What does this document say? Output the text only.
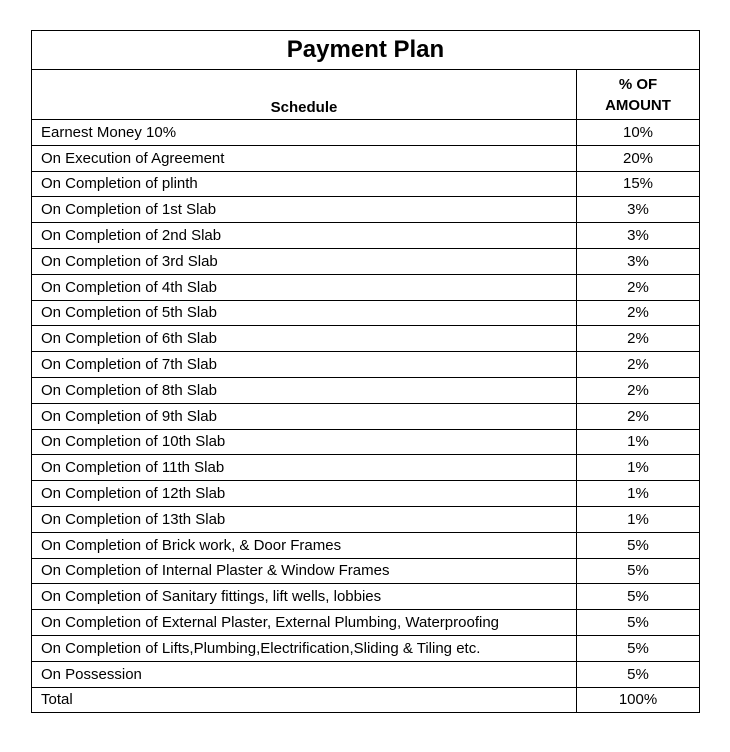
Payment Plan	
Schedule	% OF
AMOUNT

Earnest Money 10%	10%
On Execution of Agreement	20%
On Completion of plinth	15%
On Completion of 1st Slab	3%
On Completion of 2nd Slab	3%
On Completion of 3rd Slab	3%
On Completion of 4th Slab	2%
On Completion of 5th Slab	2%
On Completion of 6th Slab	2%
On Completion of 7th Slab	2%
On Completion of 8th Slab	2%
On Completion of 9th Slab	2%
On Completion of 10th Slab	1%
On Completion of 11th Slab	1%
On Completion of 12th Slab	1%
On Completion of 13th Slab	1%
On Completion of Brick work, & Door Frames	5%
On Completion of Internal Plaster & Window Frames	5%
On Completion of Sanitary fittings, lift wells, lobbies	5%
On Completion of External Plaster, External Plumbing, Waterproofing	5%
On Completion of Lifts,Plumbing,Electrification,Sliding & Tiling etc.	5%
On Possession	5%
Total	100%
